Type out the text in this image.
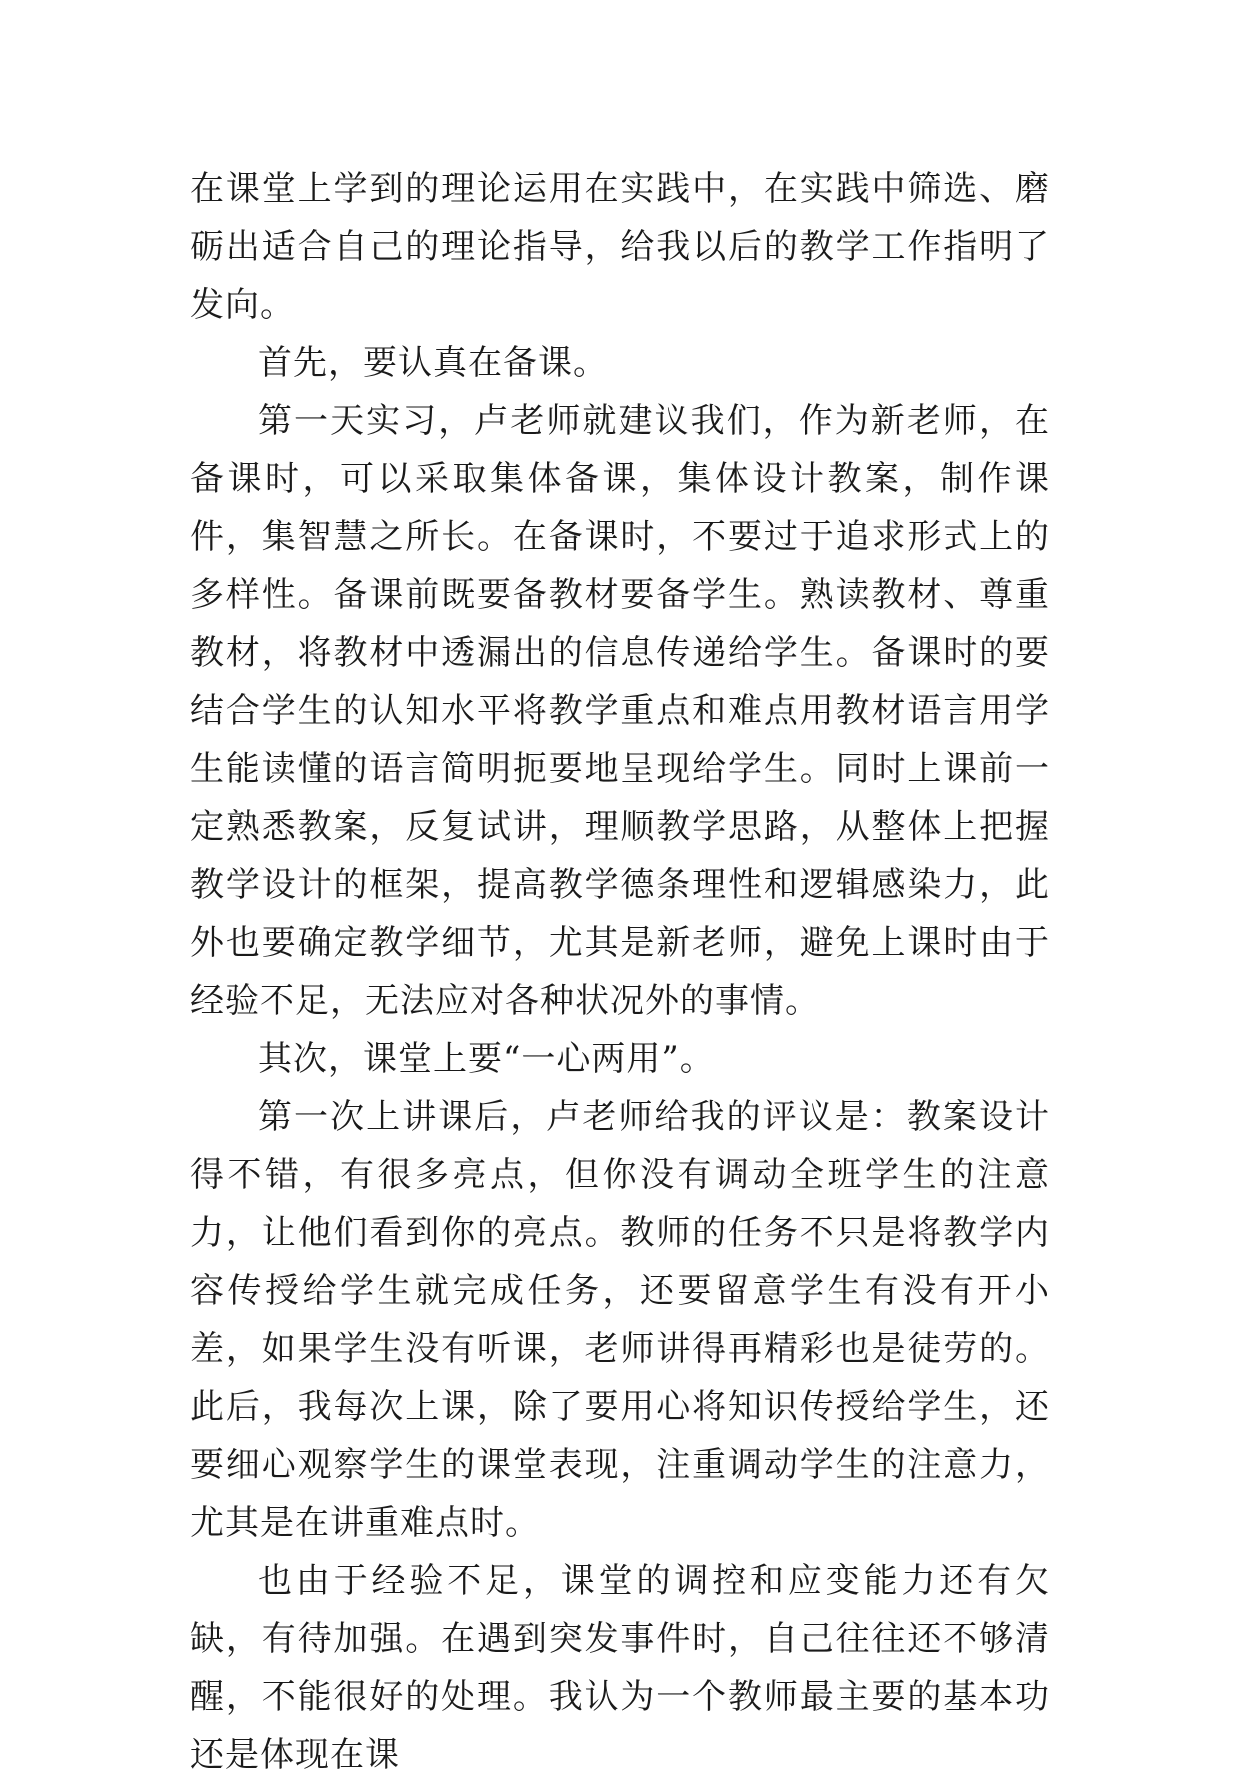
在课堂上学到的理论运用在实践中，在实践中筛选、磨砺出适合自己的理论指导，给我以后的教学工作指明了发向。

首先，要认真在备课。

第一天实习，卢老师就建议我们，作为新老师，在备课时，可以采取集体备课，集体设计教案，制作课件，集智慧之所长。在备课时，不要过于追求形式上的多样性。备课前既要备教材要备学生。熟读教材、尊重教材，将教材中透漏出的信息传递给学生。备课时的要结合学生的认知水平将教学重点和难点用教材语言用学生能读懂的语言简明扼要地呈现给学生。同时上课前一定熟悉教案，反复试讲，理顺教学思路，从整体上把握教学设计的框架，提高教学德条理性和逻辑感染力，此外也要确定教学细节，尤其是新老师，避免上课时由于经验不足，无法应对各种状况外的事情。

其次，课堂上要“一心两用”。

第一次上讲课后，卢老师给我的评议是：教案设计得不错，有很多亮点，但你没有调动全班学生的注意力，让他们看到你的亮点。教师的任务不只是将教学内容传授给学生就完成任务，还要留意学生有没有开小差，如果学生没有听课，老师讲得再精彩也是徒劳的。此后，我每次上课，除了要用心将知识传授给学生，还要细心观察学生的课堂表现，注重调动学生的注意力，尤其是在讲重难点时。

也由于经验不足，课堂的调控和应变能力还有欠缺，有待加强。在遇到突发事件时，自己往往还不够清醒，不能很好的处理。我认为一个教师最主要的基本功还是体现在课
